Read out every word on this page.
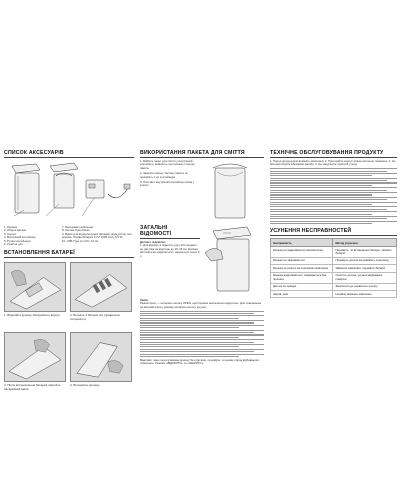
СПИСОК АКСЕСУАРІВ
1. Кришка
2. Обідок кришки
3. Корпус
4. Внутрішній контейнер
5. Ручка контейнера
6. Розетка для ......
7. Перемикач живлення
8. Кнопка Open/Close
9. Відсік для акумуляторних батарей, акумулятор для кришки. Літієва батарея 3,7V, 1500 mAh, 5,5 W.
10. USB Type A to DC. 10 см
ВСТАНОВЛЕННЯ БАТАРЕЇ
1. Відкрийте кришку батарейного відсіку	2. Вставте 4 батареї АА (правильна полярність)
3. Після встановлення батарей закрийте батарейний відсік
4. Встановіть кришку...
ВИКОРИСТАННЯ ПАКЕТА ДЛЯ СМІТТЯ
1. Вийміть пакет для сміття у внутрішній контейнер, виверніть протилежну сторону пакета.
2. Закріпіть вільну частину пакета та прикріпіть її до контейнера.
3. Поставте внутрішній контейнер назад у корпус.
ЗАГАЛЬНІ ВІДОМОСТІ
Датчик і підсвітки:
1. Для відкриття піднесіть руку або предмет до датчика на відстань до 10–15 см. Кришка автоматично відкриється і закриється через 5 с.
Увага:
Режим Open — натисніть кнопку OPEN, щоб кришка залишалася відкритою. Для повернення до автоматичного режиму натисніть кнопку ще раз.
Важливо: якщо сенсор вмикає кришку без причини, перевірте, чи немає поряд відбиваючих поверхонь. Режими «ВІДКРИТО» та «ЗАКРИТО».
ТЕХНІЧНЕ ОБСЛУГОВУВАННЯ ПРОДУКТУ
1. Перед процедурою вимкніть живлення. 2. Протирайте корпус м'якою вологою тканиною. 3. Не використовуйте абразивні засоби. 4. Не занурюйте пристрій у воду.
УСУНЕННЯ НЕСПРАВНОСТЕЙ
Несправність	Метод усунення
Кришка не відкривається автоматично	Перевірте, чи встановлені батареї, замініть батареї
Кришка не закривається	Перевірте датчик на наявність перешкод
Кришка не реагує на перемикач живлення	Увімкніть живлення, перевірте батареї
Кришка відкривається і закривається без причини	Очистіть датчик, усуньте відбиваючі поверхні
Датчик не працює	Зверніться до сервісного центру
Нагрів, дим	Негайно вимкніть живлення
